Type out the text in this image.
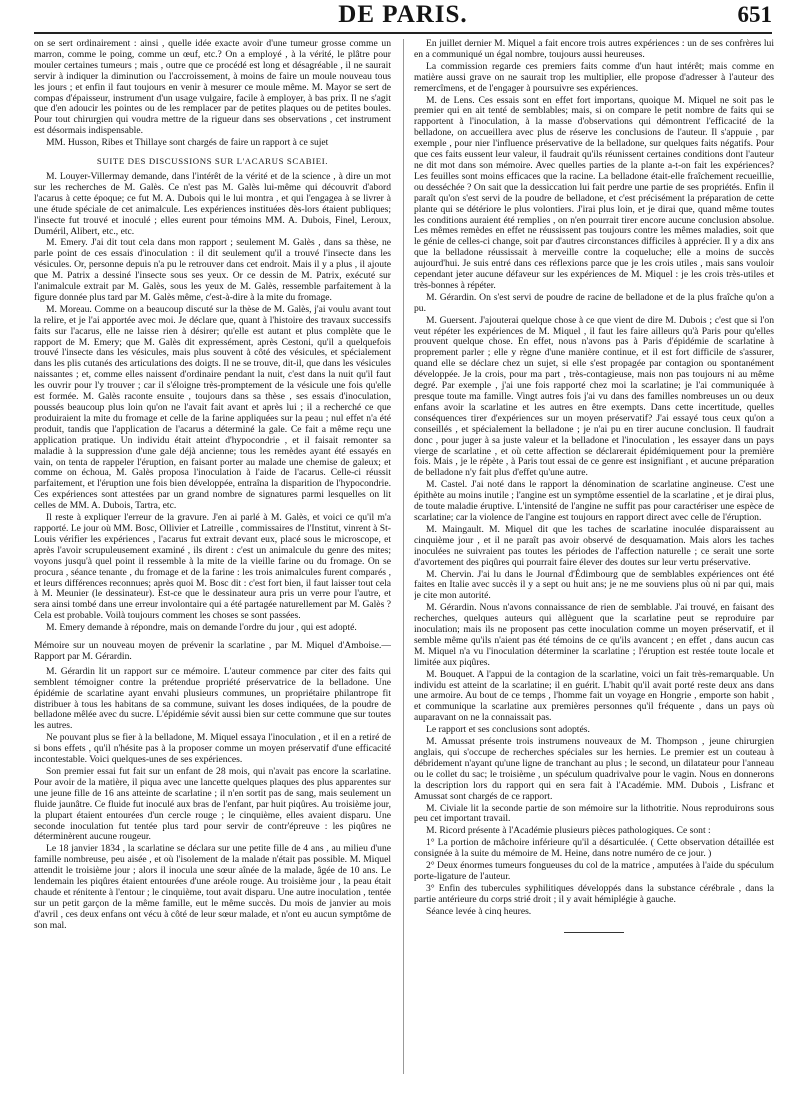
DE PARIS.	651

on se sert ordinairement : ainsi , quelle idée exacte avoir d'une tumeur grosse comme un marron, comme le poing, comme un œuf, etc.? On a employé , à la vérité, le plâtre pour mouler certaines tumeurs ; mais , outre que ce procédé est long et désagréable , il ne saurait servir à indiquer la diminution ou l'accroissement, à moins de faire un moule nouveau tous les jours ; et enfin il faut toujours en venir à mesurer ce moule même. M. Mayor se sert de compas d'épaisseur, instrument d'un usage vulgaire, facile à employer, à bas prix. Il ne s'agit que d'en adoucir les pointes ou de les remplacer par de petites plaques ou de petites boules. Pour tout chirurgien qui voudra mettre de la rigueur dans ses observations , cet instrument est désormais indispensable.

MM. Husson, Ribes et Thillaye sont chargés de faire un rapport à ce sujet

SUITE DES DISCUSSIONS SUR L'ACARUS SCABIEI.

M. Louyer-Villermay demande, dans l'intérêt de la vérité et de la science , à dire un mot sur les recherches de M. Galès. Ce n'est pas M. Galès lui-même qui découvrit d'abord l'acarus à cette époque; ce fut M. A. Dubois qui le lui montra , et qui l'engagea à se livrer à une étude spéciale de cet animalcule. Les expériences instituées dès-lors étaient publiques; l'insecte fut trouvé et inoculé ; elles eurent pour témoins MM. A. Dubois, Finel, Leroux, Duméril, Alibert, etc., etc.

M. Emery. J'ai dit tout cela dans mon rapport ; seulement M. Galès , dans sa thèse, ne parle point de ces essais d'inoculation : il dit seulement qu'il a trouvé l'insecte dans les vésicules. Or, personne depuis n'a pu le retrouver dans cet endroit. Mais il y a plus , il ajoute que M. Patrix a dessiné l'insecte sous ses yeux. Or ce dessin de M. Patrix, exécuté sur l'animalcule extrait par M. Galès, sous les yeux de M. Galès, ressemble parfaitement à la figure donnée plus tard par M. Galès même, c'est-à-dire à la mite du fromage.

M. Moreau. Comme on a beaucoup discuté sur la thèse de M. Galès, j'ai voulu avant tout la relire, et je l'ai apportée avec moi. Je déclare que, quant à l'histoire des travaux successifs faits sur l'acarus, elle ne laisse rien à désirer; qu'elle est autant et plus complète que le rapport de M. Emery; que M. Galès dit expressément, après Cestoni, qu'il a quelquefois trouvé l'insecte dans les vésicules, mais plus souvent à côté des vésicules, et spécialement dans les plis cutanés des articulations des doigts. Il ne se trouve, dit-il, que dans les vésicules naissantes ; et, comme elles naissent d'ordinaire pendant la nuit, c'est dans la nuit qu'il faut les ouvrir pour l'y trouver ; car il s'éloigne très-promptement de la vésicule une fois qu'elle est formée. M. Galès raconte ensuite , toujours dans sa thèse , ses essais d'inoculation, poussés beaucoup plus loin qu'on ne l'avait fait avant et après lui ; il a recherché ce que produiraient la mite du fromage et celle de la farine appliquées sur la peau ; nul effet n'a été produit, tandis que l'application de l'acarus a déterminé la gale. Ce fait a même reçu une application pratique. Un individu était atteint d'hypocondrie , et il faisait remonter sa maladie à la suppression d'une gale déjà ancienne; tous les remèdes ayant été essayés en vain, on tenta de rappeler l'éruption, en faisant porter au malade une chemise de galeux; et comme on échoua, M. Galès proposa l'inoculation à l'aide de l'acarus. Celle-ci réussit parfaitement, et l'éruption une fois bien développée, entraîna la disparition de l'hypocondrie. Ces expériences sont attestées par un grand nombre de signatures parmi lesquelles on lit celles de MM. A. Dubois, Tartra, etc.

Il reste à expliquer l'erreur de la gravure. J'en ai parlé à M. Galès, et voici ce qu'il m'a rapporté. Le jour où MM. Bosc, Ollivier et Latreille , commissaires de l'Institut, vinrent à St-Louis vérifier les expériences , l'acarus fut extrait devant eux, placé sous le microscope, et après l'avoir scrupuleusement examiné , ils dirent : c'est un animalcule du genre des mites; voyons jusqu'à quel point il ressemble à la mite de la vieille farine ou du fromage. On se procura , séance tenante , du fromage et de la farine : les trois animalcules furent comparés , et leurs différences reconnues; après quoi M. Bosc dit : c'est fort bien, il faut laisser tout cela à M. Meunier (le dessinateur). Est-ce que le dessinateur aura pris un verre pour l'autre, et sera ainsi tombé dans une erreur involontaire qui a été partagée naturellement par M. Galès ? Cela est probable. Voilà toujours comment les choses se sont passées.

M. Emery demande à répondre, mais on demande l'ordre du jour , qui est adopté.

Mémoire sur un nouveau moyen de prévenir la scarlatine , par M. Miquel d'Amboise.—Rapport par M. Gérardin.

M. Gérardin lit un rapport sur ce mémoire. L'auteur commence par citer des faits qui semblent témoigner contre la prétendue propriété préservatrice de la belladone. Une épidémie de scarlatine ayant envahi plusieurs communes, un propriétaire philantrope fit distribuer à tous les habitans de sa commune, suivant les doses indiquées, de la poudre de belladone mêlée avec du sucre. L'épidémie sévit aussi bien sur cette commune que sur toutes les autres.

Ne pouvant plus se fier à la belladone, M. Miquel essaya l'inoculation , et il en a retiré de si bons effets , qu'il n'hésite pas à la proposer comme un moyen préservatif d'une efficacité incontestable. Voici quelques-unes de ses expériences.

Son premier essai fut fait sur un enfant de 28 mois, qui n'avait pas encore la scarlatine. Pour avoir de la matière, il piqua avec une lancette quelques plaques des plus apparentes sur une jeune fille de 16 ans atteinte de scarlatine ; il n'en sortit pas de sang, mais seulement un fluide jaunâtre. Ce fluide fut inoculé aux bras de l'enfant, par huit piqûres. Au troisième jour, la plupart étaient entourées d'un cercle rouge ; le cinquième, elles avaient disparu. Une seconde inoculation fut tentée plus tard pour servir de contr'épreuve : les piqûres ne déterminèrent aucune rougeur.

Le 18 janvier 1834 , la scarlatine se déclara sur une petite fille de 4 ans , au milieu d'une famille nombreuse, peu aisée , et où l'isolement de la malade n'était pas possible. M. Miquel attendit le troisième jour ; alors il inocula une sœur aînée de la malade, âgée de 10 ans. Le lendemain les piqûres étaient entourées d'une aréole rouge. Au troisième jour , la peau était chaude et rénitente à l'entour ; le cinquième, tout avait disparu. Une autre inoculation , tentée sur un petit garçon de la même famille, eut le même succès. Du mois de janvier au mois d'avril , ces deux enfans ont vécu à côté de leur sœur malade, et n'ont eu aucun symptôme de son mal.

En juillet dernier M. Miquel a fait encore trois autres expériences : un de ses confrères lui en a communiqué un égal nombre, toujours aussi heureuses.

La commission regarde ces premiers faits comme d'un haut intérêt; mais comme en matière aussi grave on ne saurait trop les multiplier, elle propose d'adresser à l'auteur des remercîmens, et de l'engager à poursuivre ses expériences.

M. de Lens. Ces essais sont en effet fort importans, quoique M. Miquel ne soit pas le premier qui en ait tenté de semblables; mais, si on compare le petit nombre de faits qui se rapportent à l'inoculation, à la masse d'observations qui démontrent l'efficacité de la belladone, on accueillera avec plus de réserve les conclusions de l'auteur. Il s'appuie , par exemple , pour nier l'influence préservative de la belladone, sur quelques faits négatifs. Pour que ces faits eussent leur valeur, il faudrait qu'ils réunissent certaines conditions dont l'auteur ne dit mot dans son mémoire. Avec quelles parties de la plante a-t-on fait les expériences? Les feuilles sont moins efficaces que la racine. La belladone était-elle fraîchement recueillie, ou desséchée ? On sait que la dessiccation lui fait perdre une partie de ses propriétés. Enfin il paraît qu'on s'est servi de la poudre de belladone, et c'est précisément la préparation de cette plante qui se détériore le plus volontiers. J'irai plus loin, et je dirai que, quand même toutes les conditions auraient été remplies , on n'en pourrait tirer encore aucune conclusion absolue. Les mêmes remèdes en effet ne réussissent pas toujours contre les mêmes maladies, soit que le génie de celles-ci change, soit par d'autres circonstances difficiles à apprécier. Il y a dix ans que la belladone réussissait à merveille contre la coqueluche; elle a moins de succès aujourd'hui. Je suis entré dans ces réflexions parce que je les crois utiles , mais sans vouloir cependant jeter aucune défaveur sur les expériences de M. Miquel : je les crois très-utiles et très-bonnes à répéter.

M. Gérardin. On s'est servi de poudre de racine de belladone et de la plus fraîche qu'on a pu.

M. Guersent. J'ajouterai quelque chose à ce que vient de dire M. Dubois ; c'est que si l'on veut répéter les expériences de M. Miquel , il faut les faire ailleurs qu'à Paris pour qu'elles prouvent quelque chose. En effet, nous n'avons pas à Paris d'épidémie de scarlatine à proprement parler ; elle y règne d'une manière continue, et il est fort difficile de s'assurer, quand elle se déclare chez un sujet, si elle s'est propagée par contagion ou spontanément développée. Je la crois, pour ma part , très-contagieuse, mais non pas toujours ni au même degré. Par exemple , j'ai une fois rapporté chez moi la scarlatine; je l'ai communiquée à presque toute ma famille. Vingt autres fois j'ai vu dans des familles nombreuses un ou deux enfans avoir la scarlatine et les autres en être exempts. Dans cette incertitude, quelles conséquences tirer d'expériences sur un moyen préservatif? J'ai essayé tous ceux qu'on a conseillés , et spécialement la belladone ; je n'ai pu en tirer aucune conclusion. Il faudrait donc , pour juger à sa juste valeur et la belladone et l'inoculation , les essayer dans un pays vierge de scarlatine , et où cette affection se déclarerait épidémiquement pour la première fois. Mais , je le répète , à Paris tout essai de ce genre est insignifiant , et aucune préparation de belladone n'y fait plus d'effet qu'une autre.

M. Castel. J'ai noté dans le rapport la dénomination de scarlatine angineuse. C'est une épithète au moins inutile ; l'angine est un symptôme essentiel de la scarlatine , et je dirai plus, de toute maladie éruptive. L'intensité de l'angine ne suffit pas pour caractériser une espèce de scarlatine; car la violence de l'angine est toujours en rapport direct avec celle de l'éruption.

M. Maingault. M. Miquel dit que les taches de scarlatine inoculée disparaissent au cinquième jour , et il ne paraît pas avoir observé de desquamation. Mais alors les taches inoculées ne suivraient pas toutes les périodes de l'affection naturelle ; ce serait une sorte d'avortement des piqûres qui pourrait faire élever des doutes sur leur vertu préservative.

M. Chervin. J'ai lu dans le Journal d'Édimbourg que de semblables expériences ont été faites en Italie avec succès il y a sept ou huit ans; je ne me souviens plus où ni par qui, mais je cite mon autorité.

M. Gérardin. Nous n'avons connaissance de rien de semblable. J'ai trouvé, en faisant des recherches, quelques auteurs qui allèguent que la scarlatine peut se reproduire par inoculation; mais ils ne proposent pas cette inoculation comme un moyen préservatif, et il semble même qu'ils n'aient pas été témoins de ce qu'ils avancent ; en effet , dans aucun cas M. Miquel n'a vu l'inoculation déterminer la scarlatine ; l'éruption est restée toute locale et limitée aux piqûres.

M. Bouquet. A l'appui de la contagion de la scarlatine, voici un fait très-remarquable. Un individu est atteint de la scarlatine; il en guérit. L'habit qu'il avait porté reste deux ans dans une armoire. Au bout de ce temps , l'homme fait un voyage en Hongrie , emporte son habit , et communique la scarlatine aux premières personnes qu'il fréquente , dans un pays où auparavant on ne la connaissait pas.

Le rapport et ses conclusions sont adoptés.

M. Amussat présente trois instrumens nouveaux de M. Thompson , jeune chirurgien anglais, qui s'occupe de recherches spéciales sur les hernies. Le premier est un couteau à débridement n'ayant qu'une ligne de tranchant au plus ; le second, un dilatateur pour l'anneau ou le collet du sac; le troisième , un spéculum quadrivalve pour le vagin. Nous en donnerons la description lors du rapport qui en sera fait à l'Académie. MM. Dubois , Lisfranc et Amussat sont chargés de ce rapport.

M. Civiale lit la seconde partie de son mémoire sur la lithotritie. Nous reproduirons sous peu cet important travail.

M. Ricord présente à l'Académie plusieurs pièces pathologiques. Ce sont :

1° La portion de mâchoire inférieure qu'il a désarticulée. ( Cette observation détaillée est consignée à la suite du mémoire de M. Heine, dans notre numéro de ce jour. )

2° Deux énormes tumeurs fongueuses du col de la matrice , amputées à l'aide du spéculum porte-ligature de l'auteur.

3° Enfin des tubercules syphilitiques développés dans la substance cérébrale , dans la partie antérieure du corps strié droit ; il y avait hémiplégie à gauche.

Séance levée à cinq heures.
